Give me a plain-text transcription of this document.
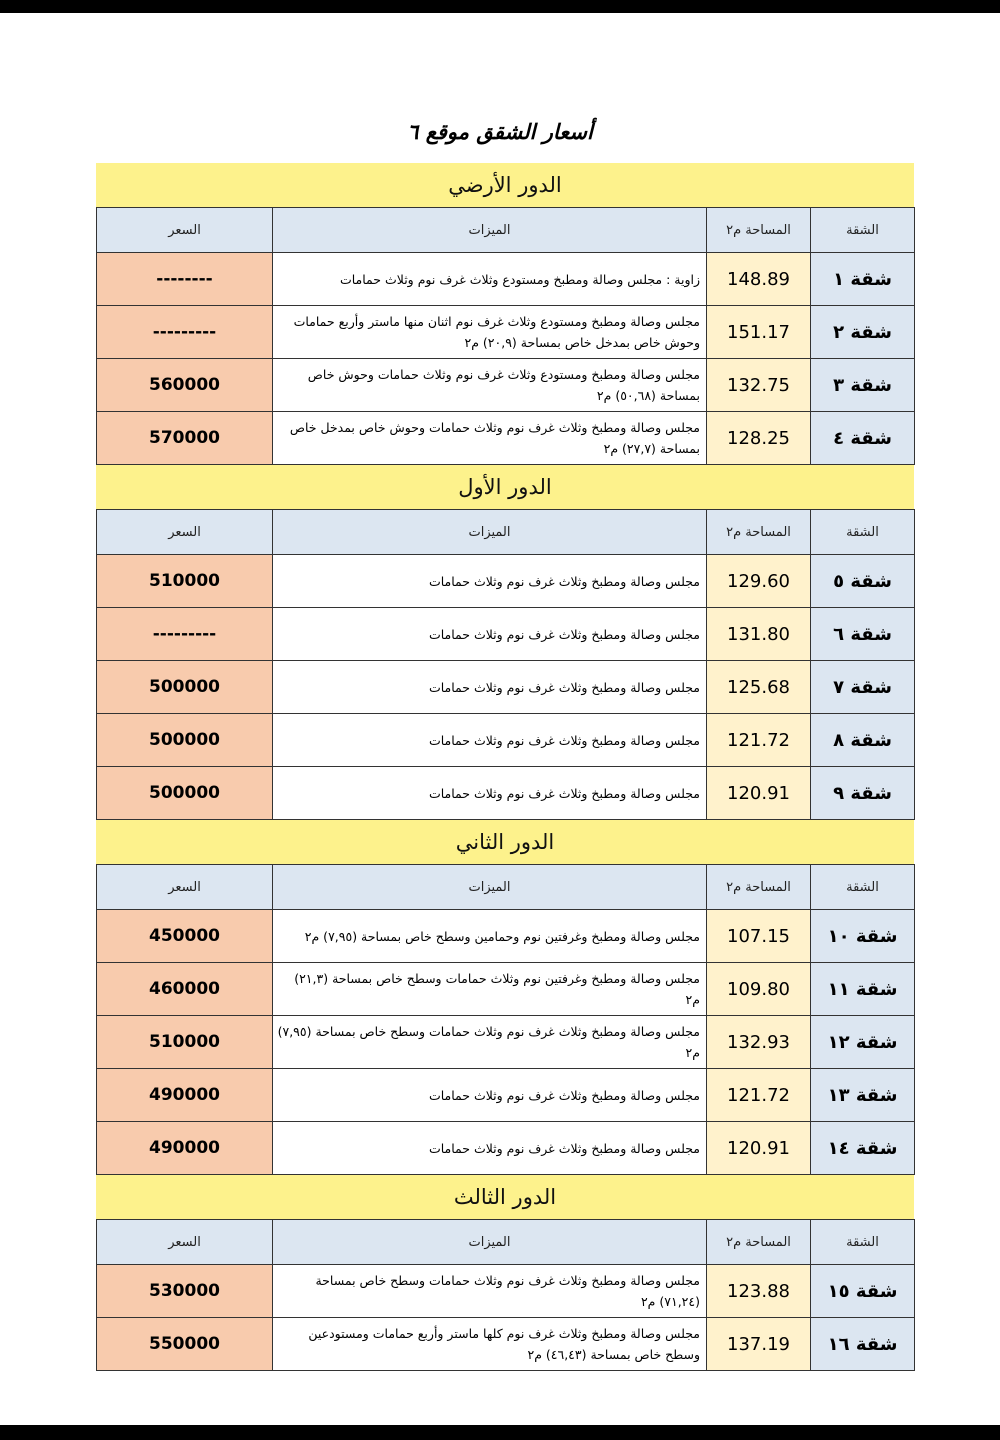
أسعار الشقق موقع ٦
الدور الأرضي
الشقة	المساحة م٢	الميزات	السعر
شقة ١	148.89	زاوية : مجلس وصالة ومطبخ ومستودع وثلاث غرف نوم وثلاث حمامات	--------
شقة ٢	151.17	مجلس وصالة ومطبخ ومستودع وثلاث غرف نوم اثنان منها ماستر وأربع حمامات وحوش خاص بمدخل خاص بمساحة (٢٠,٩) م٢	---------
شقة ٣	132.75	مجلس وصالة ومطبخ ومستودع وثلاث غرف نوم وثلاث حمامات وحوش خاص بمساحة (٥٠,٦٨) م٢	560000
شقة ٤	128.25	مجلس وصالة ومطبخ وثلاث غرف نوم وثلاث حمامات وحوش خاص بمدخل خاص بمساحة (٢٧,٧) م٢	570000
الدور الأول
الشقة	المساحة م٢	الميزات	السعر
شقة ٥	129.60	مجلس وصالة ومطبخ وثلاث غرف نوم وثلاث حمامات	510000
شقة ٦	131.80	مجلس وصالة ومطبخ وثلاث غرف نوم وثلاث حمامات	---------
شقة ٧	125.68	مجلس وصالة ومطبخ وثلاث غرف نوم وثلاث حمامات	500000
شقة ٨	121.72	مجلس وصالة ومطبخ وثلاث غرف نوم وثلاث حمامات	500000
شقة ٩	120.91	مجلس وصالة ومطبخ وثلاث غرف نوم وثلاث حمامات	500000
الدور الثاني
الشقة	المساحة م٢	الميزات	السعر
شقة ١٠	107.15	مجلس وصالة ومطبخ وغرفتين نوم وحمامين وسطح خاص بمساحة (٧,٩٥) م٢	450000
شقة ١١	109.80	مجلس وصالة ومطبخ وغرفتين نوم وثلاث حمامات وسطح خاص بمساحة (٢١,٣) م٢	460000
شقة ١٢	132.93	مجلس وصالة ومطبخ وثلاث غرف نوم وثلاث حمامات وسطح خاص بمساحة (٧,٩٥) م٢	510000
شقة ١٣	121.72	مجلس وصالة ومطبخ وثلاث غرف نوم وثلاث حمامات	490000
شقة ١٤	120.91	مجلس وصالة ومطبخ وثلاث غرف نوم وثلاث حمامات	490000
الدور الثالث
الشقة	المساحة م٢	الميزات	السعر
شقة ١٥	123.88	مجلس وصالة ومطبخ وثلاث غرف نوم وثلاث حمامات وسطح خاص بمساحة (٧١,٢٤) م٢	530000
شقة ١٦	137.19	مجلس وصالة ومطبخ وثلاث غرف نوم كلها ماستر وأربع حمامات ومستودعين وسطح خاص بمساحة (٤٦,٤٣) م٢	550000
